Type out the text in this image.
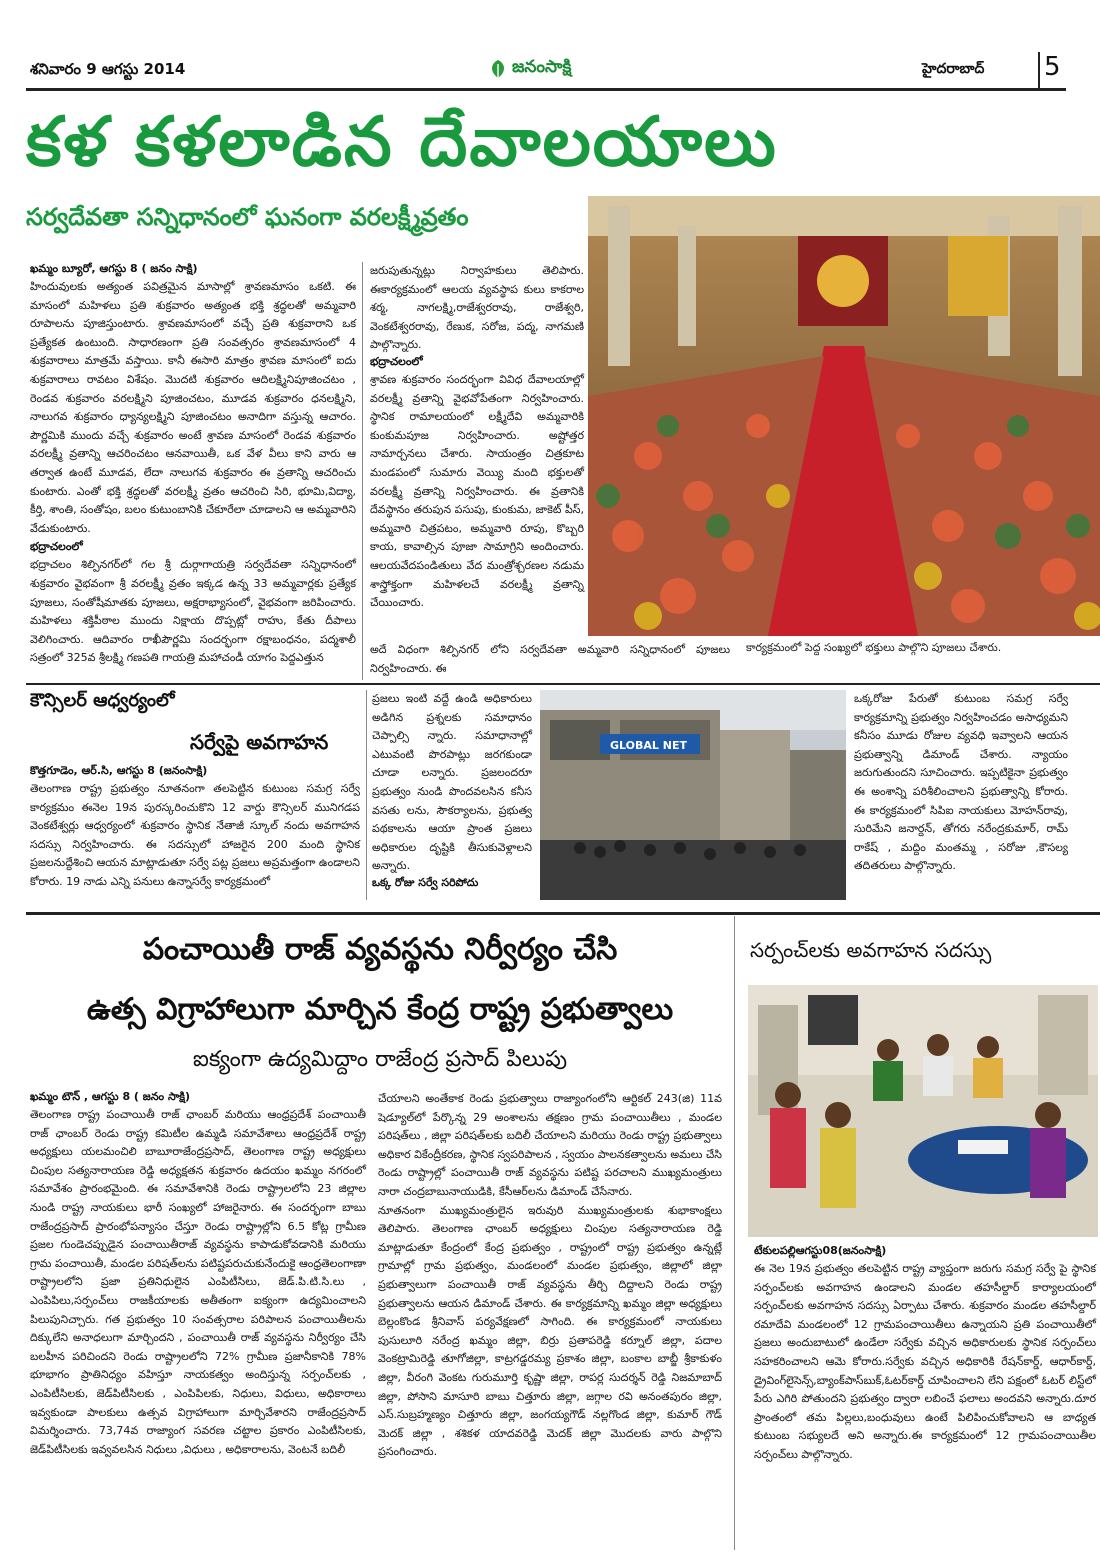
శనివారం 9 ఆగస్టు 2014	జనంసాక్షి	హైదరాబాద్‌ 5
కళ కళలాడిన దేవాలయాలు
సర్వదేవతా సన్నిధానంలో ఘనంగా వరలక్ష్మీవ్రతం
ఖమ్మం బ్యూరో, ఆగస్టు 8 ( జనం సాక్షి)
హిందువులకు అత్యంత పవిత్రమైన మాసాల్లో శ్రావణమాసం ఒకటి. ఈ మాసంలో మహిళలు ప్రతి శుక్రవారం అత్యంత భక్తి శ్రద్ధలతో అమ్మవారి రూపాలను పూజిస్తుంటారు. శ్రావణమాసంలో వచ్చే ప్రతి శుక్రవారాని ఒక ప్రత్యేకత ఉంటుంది. సాధారణంగా ప్రతి సంవత్సరం శ్రావణమాసంలో 4 శుక్రవారాలు మాత్రమే వస్తాయి. కానీ ఈసారి మాత్రం శ్రావణ మాసంలో ఐదు శుక్రవారాలు రావటం విశేషం. మొదటి శుక్రవారం ఆదిలక్ష్మినిపూజించటం , రెండవ శుక్రవారం వరలక్ష్మిని పూజించటం, మూడవ శుక్రవారం ధనలక్ష్మిని, నాలుగవ శుక్రవారం ధ్యాన్యలక్ష్మిని పూజించటం అనాదిగా వస్తున్న ఆచారం. పౌర్ణమికి ముందు వచ్చే శుక్రవారం అంటే శ్రావణ మాసంలో రెండవ శుక్రవారం వరలక్ష్మీ వ్రతాన్ని ఆచరించటం ఆనవాయితీ, ఒక వేళ వీలు కాని వారు ఆ తర్వాత ఉంటే మూడవ, లేదా నాలుగవ శుక్రవారం ఈ వ్రతాన్ని ఆచరించు కుంటారు. ఎంతో భక్తి శ్రద్ధలతో వరలక్ష్మీ వ్రతం ఆచరించి సిరి, భూమి,విద్యా, కీర్తి, శాంతి, సంతోషం, బలం కుటుంబానికి చేకూరేలా చూడాలని ఆ అమ్మవారిని వేడుకుంటారు.
భద్రాచలంలో
భద్రాచలం శిల్పినగర్‌లో గల శ్రీ దుర్గాగాయత్రి సర్వదేవతా సన్నిధానంలో శుక్రవారం వైభవంగా శ్రీ వరలక్ష్మీ వ్రతం ఇక్కడ ఉన్న 33 అమ్మవార్లకు ప్రత్యేక పూజలు, సంతోషీమాతకు పూజలు, అక్షరాభ్యాసంలో, వైభవంగా జరిపించారు. మహిళలు శక్తిపీఠాల ముందు నిక్షాయ దొప్పట్లో రాహు, కేతు దీపాలు వెలిగించారు. ఆదివారం రాఖీపౌర్ణమి సందర్భంగా రక్షాబంధనం, పద్మశాలీ సత్రంలో 325వ శ్రీలక్ష్మి గణపతి గాయత్రి మహాచండీ యాగం పెద్దఎత్తున
జరుపుతున్నట్లు నిర్వాహకులు తెలిపారు. ఈకార్యక్రమంలో ఆలయ వ్యవస్థాప కులు కాకరాల శర్మ, నాగలక్ష్మి,రాజేశ్వరరావు, రాజేశ్వరి, వెంకటేశ్వరరావు, రేణుక, సరోజ, పద్మ, నాగమణి పాల్గొన్నారు.
భద్రాచలంలో
శ్రావణ శుక్రవారం సందర్భంగా వివిధ దేవాలయాల్లో వరలక్ష్మీ వ్రతాన్ని వైభవోపేతంగా నిర్వహించారు. స్థానిక రామాలయంలో లక్ష్మీదేవి అమ్మవారికి కుంకుమపూజ నిర్వహించారు. అష్టోత్తర నామార్చనలు చేశారు. సాయంత్రం చిత్రకూట మండపంలో సుమారు వెయ్యి మంది భక్తులతో వరలక్ష్మీ వ్రతాన్ని నిర్వహించారు. ఈ వ్రతానికి దేవస్థానం తరుపున పసుపు, కుంకుమ, జాకెట్ పీస్, అమ్మవారి చిత్రపటం, అమ్మవారి రూపు, కొబ్బరి కాయ, కావాల్సిన పూజా సామాగ్రిని అందించారు. ఆలయవేదపండితులు వేద మంత్రోశ్చరణల నడుమ శాస్త్రోక్తంగా మహిళలచే వరలక్ష్మీ వ్రతాన్ని చేయించారు.
అదే విధంగా శిల్పినగర్ లోని సర్వదేవతా అమ్మవారి సన్నిధానంలో పూజలు నిర్వహించారు. ఈ
కార్యక్రమంలో పెద్ద సంఖ్యలో భక్తులు పాల్గొని పూజలు చేశారు.
కౌన్సిలర్ ఆధ్వర్యంలో
సర్వేపై అవగాహన
కొత్తగూడెం, ఆర్.సి, ఆగస్టు 8 (జనంసాక్షి)
తెలంగాణ రాష్ట్ర ప్రభుత్వం నూతనంగా తలపెట్టిన కుటుంబ సమగ్ర సర్వే కార్యక్రమం ఈనెల 19న పురస్కరించుకొని 12 వార్డు కౌన్సిలర్ మునిగడప వెంకటేశ్వర్లు ఆధ్వర్యంలో శుక్రవారం స్థానిక నేతాజీ స్కూల్ నందు అవగాహన సదస్సు నిర్వహించారు. ఈ సదస్సులో హాజరైన 200 మంది స్థానిక ప్రజలనుద్దేశించి ఆయన మాట్లాడుతూ సర్వే పట్ల ప్రజలు అప్రమత్తంగా ఉండాలని కోరారు. 19 నాడు ఎన్ని పనులు ఉన్నాసర్వే కార్యక్రమంలో
ప్రజలు ఇంటి వద్దే ఉండి అధికారులు అడిగిన ప్రశ్నలకు సమాధానం చెప్పాల్సి న్నారు. సమాధానాల్లో ఎటువంటి పొరపాట్లు జరగకుండా చూడా లన్నారు. ప్రజలందరూ ప్రభుత్వం నుండి పొందవలసిన కనీస వసతు లను, సౌకర్యాలను, ప్రభుత్వ పథకాలను ఆయా ప్రాంత ప్రజలు అధికారుల దృష్టికి తీసుకువెళ్లాలని అన్నారు.
ఒక్క రోజు సర్వే సరిపోదు
GLOBAL NET
ఒక్కరోజు పేరుతో కుటుంబ సమగ్ర సర్వే కార్యక్రమాన్ని ప్రభుత్వం నిర్వహించడం అసాధ్యమని కనీసం మూడు రోజుల వ్యవధి ఇవ్వాలని ఆయన ప్రభుత్వాన్ని డిమాండ్ చేశారు. న్యాయం జరుగుతుందని సూచించారు. ఇప్పటికైనా ప్రభుత్వం ఈ అంశాన్ని పరిశీలించాలని ప్రభుత్వాన్ని కోరారు. ఈ కార్యక్రమంలో సిపిఐ నాయకులు మోహన్‌రావు, సురిమేని జనార్దన్, తోగరు నరేంద్రకుమార్, రామ్ రాకేష్ , మద్దిం మంతమ్మ , సరోజు ,కౌసల్య తదితరులు పాల్గొన్నారు.
పంచాయితీ రాజ్ వ్యవస్థను నిర్వీర్యం చేసి
ఉత్స విగ్రాహాలుగా మార్చిన కేంద్ర రాష్ట్ర ప్రభుత్వాలు
ఐక్యంగా ఉద్యమిద్దాం రాజేంద్ర ప్రసాద్ పిలుపు
ఖమ్మం టౌన్ , ఆగస్టు 8 ( జనం సాక్షి)
తెలంగాణ రాష్ట్ర పంచాయితీ రాజ్ ఛాంబర్ మరియు ఆంధ్రప్రదేశ్ పంచాయితీ రాజ్ ఛాంబర్ రెండు రాష్ట్ర కమిటీల ఉమ్మడి సమావేశాలు ఆంధ్రప్రదేశ్ రాష్ట్ర అధ్యక్షులు యలమంచిలి బాబూరాజేంద్రప్రసాద్, తెలంగాణ రాష్ట్ర అధ్యక్షులు చింపుల సత్యనారాయణ రెడ్డి అధ్యక్షతన శుక్రవారం ఉదయం ఖమ్మం నగరంలో సమావేశం ప్రారంభమైంది. ఈ సమావేశానికి రెండు రాష్ట్రాలలోని 23 జిల్లాల నుండి రాష్ట్ర నాయకులు భారీ సంఖ్యలో హాజరైనారు. ఈ సందర్భంగా బాబు రాజేంద్రప్రసాద్ ప్రారంభోపన్యాసం చేస్తూ రెండు రాష్ట్రాల్లోని 6.5 కోట్ల గ్రామీణ ప్రజల గుండెచప్పుడైన పంచాయితీరాజ్ వ్యవస్థను కాపాడుకోవడానికి మరియు గ్రామ పంచాయితీ, మండల పరిషత్‌లను పటిష్టపరుచుకునేందుకై ఆంధ్రతెలంగాణా రాష్ట్రాలలోని ప్రజా ప్రతినిధులైన ఎంపిటీసిలు, జెడ్.పి.టి.సి.లు , ఎంపిపిలు,సర్పంచ్‌లు రాజకీయాలకు అతీతంగా ఐక్యంగా ఉద్యమించాలని పిలుపునిచ్చారు. గత ప్రభుత్వం 10 సంవత్సరాల పరిపాలన పంచాయితీలను దిక్కులేని అనాధలుగా మార్చిందని , పంచాయితీ రాజ్ వ్యవస్థను నిర్వీర్యం చేసి బలహీన పరిచిందని రెండు రాష్ట్రాలలోని 72% గ్రామీణ ప్రజానీకానికి 78% భూభాగం ప్రాతినిధ్యం వహిస్తూ నాయకత్వం అందిస్తున్న సర్పంచ్‌లకు , ఎంపిటీసిలకు, జెడ్‌పిటీసిలకు , ఎంపిపిలకు, నిధులు, విధులు, అధికారాలు ఇవ్వకుండా పాలకులు ఉత్సవ విగ్రాహాలుగా మార్చివేశారని రాజేంద్రప్రసాద్ విమర్శించారు. 73,74వ రాజ్యాంగ సవరణ చట్టాల ప్రకారం ఎంపిటీసిలకు, జెడ్‌పిటీసిలకు ఇవ్వవలసిన నిధులు ,విధులు , అధికారాలను, వెంటనే బదిలీ
చేయాలని అంతేకాక రెండు ప్రభుత్వాలు రాజ్యాంగంలోని ఆర్టికల్ 243(జి) 11వ షెడ్యూల్‌లో పేర్కొన్న 29 అంశాలను తక్షణం గ్రామ పంచాయితీలు , మండల పరిషత్‌లు , జిల్లా పరిషత్‌లకు బదిలీ చేయాలని మరియు రెండు రాష్ట్ర ప్రభుత్వాలు అధికార వికేంద్రీకరణ, స్థానిక స్వపరిపాలన , స్వయం పాలనకత్వాలను అమలు చేసి రెండు రాష్ట్రాల్లో పంచాయితీ రాజ్ వ్యవస్థను పటిష్ట పరచాలని ముఖ్యమంత్రులు నారా చంద్రబాబునాయుడికి, కేసీఆర్‌లను డిమాండ్ చేసేనారు.
నూతనంగా ముఖ్యమంత్రులైన ఇరువురి ముఖ్యమంత్రులకు శుభాకాంక్షలు తెలిపారు. తెలంగాణ ఛాంబర్ అధ్యక్షులు చింపుల సత్యనారాయణ రెడ్డి మాట్లాడుతూ కేంద్రంలో కేంద్ర ప్రభుత్వం , రాష్ట్రంలో రాష్ట్ర ప్రభుత్వం ఉన్నట్లే గ్రామాల్లో గ్రామ ప్రభుత్వం, మండలంలో మండల ప్రభుత్వం, జిల్లాలో జిల్లా ప్రభుత్వాలుగా పంచాయితీ రాజ్ వ్యవస్థను తీర్చి దిద్దాలని రెండు రాష్ట్ర ప్రభుత్వాలను ఆయన డిమాండ్ చేశారు. ఈ కార్యక్రమాన్ని ఖమ్మం జిల్లా అధ్యక్షులు బెల్లంకొండ శ్రీనివాస్ పర్యవేక్షణలో సాగింది. ఈ కార్యక్రమంలో నాయకులు పుసులూరి నరేంద్ర ఖమ్మం జిల్లా, బిర్రు ప్రతాపరెడ్డి కర్నూల్ జిల్లా, పదాల వెంకట్రామిరెడ్డి తూగోజిల్లా, కాట్రగడ్డరమ్య ప్రకాశం జిల్లా, బంకాల బాబ్జీ శ్రీకాకుళం జిల్లా, వీరంగి వెంకట గురుమూర్తి కృష్ణా జిల్లా, రాపర్ల సుదర్శన్ రెడ్డి నిజమాబాద్ జిల్లా, పోసాని మాసూరి బాబు చిత్తూరు జిల్లా, జగ్గాల రవి అనంతపురం జిల్లా, ఎస్.సుబ్రహ్మణ్యం చిత్తూరు జిల్లా, జంగయ్యగౌడ్ నల్లగొండ జిల్లా, కుమార్ గౌడ్ మెదక్ జిల్లా , శశికళ యాదవరెడ్డి మెదక్ జిల్లా మొదలకు వారు పాల్గొని ప్రసంగించారు.
సర్పంచ్‌లకు అవగాహన సదస్సు
టేకులపల్లిఆగస్టు08(జనంసాక్షి)
ఈ నెల 19న ప్రభుత్వం తలపెట్టిన రాష్ట్ర వ్యాప్తంగా జరుగు సమగ్ర సర్వే పై స్థానిక సర్పంచ్‌లకు అవగాహన ఉండాలని మండల తహసీల్దార్ కార్యాలయంలో సర్పంచ్‌లకు అవగాహన సదస్సు ఏర్పాటు చేశారు. శుక్రవారం మండల తహసీల్దార్ రమాదేవి మండలంలో 12 గ్రామపంచాయితీలు ఉన్నాయని ప్రతి పంచాయితీలో ప్రజలు అందుబాటులో ఉండేలా సర్వేకు వచ్చిన అధికారులకు స్థానిక సర్పంచ్‌లు సహకరించాలని ఆమె కోరారు.సర్వేకు వచ్చిన అధికారికి రేషన్‌కార్డ్, ఆధార్‌కార్డ్, డ్రైవింగ్‌లైసెన్స్,బ్యాంక్‌పాస్‌బుక్,ఓటర్‌కార్డ్ చూపించాలని లేని పక్షంలో ఓటర్ లిస్ట్‌లో పేరు ఎగిరి పోతుందని ప్రభుత్వం ద్వారా లబించే ఫలాలు అందవని అన్నారు.దూర ప్రాంతంలో తమ పిల్లలు,బంధువులు ఉంటే పిలిపించుకోవాలని ఆ బాధ్యత కుటుంబ సభ్యులదే అని అన్నారు.ఈ కార్యక్రమంలో 12 గ్రామపంచాయితీల సర్పంచ్‌లు పాల్గొన్నారు.
